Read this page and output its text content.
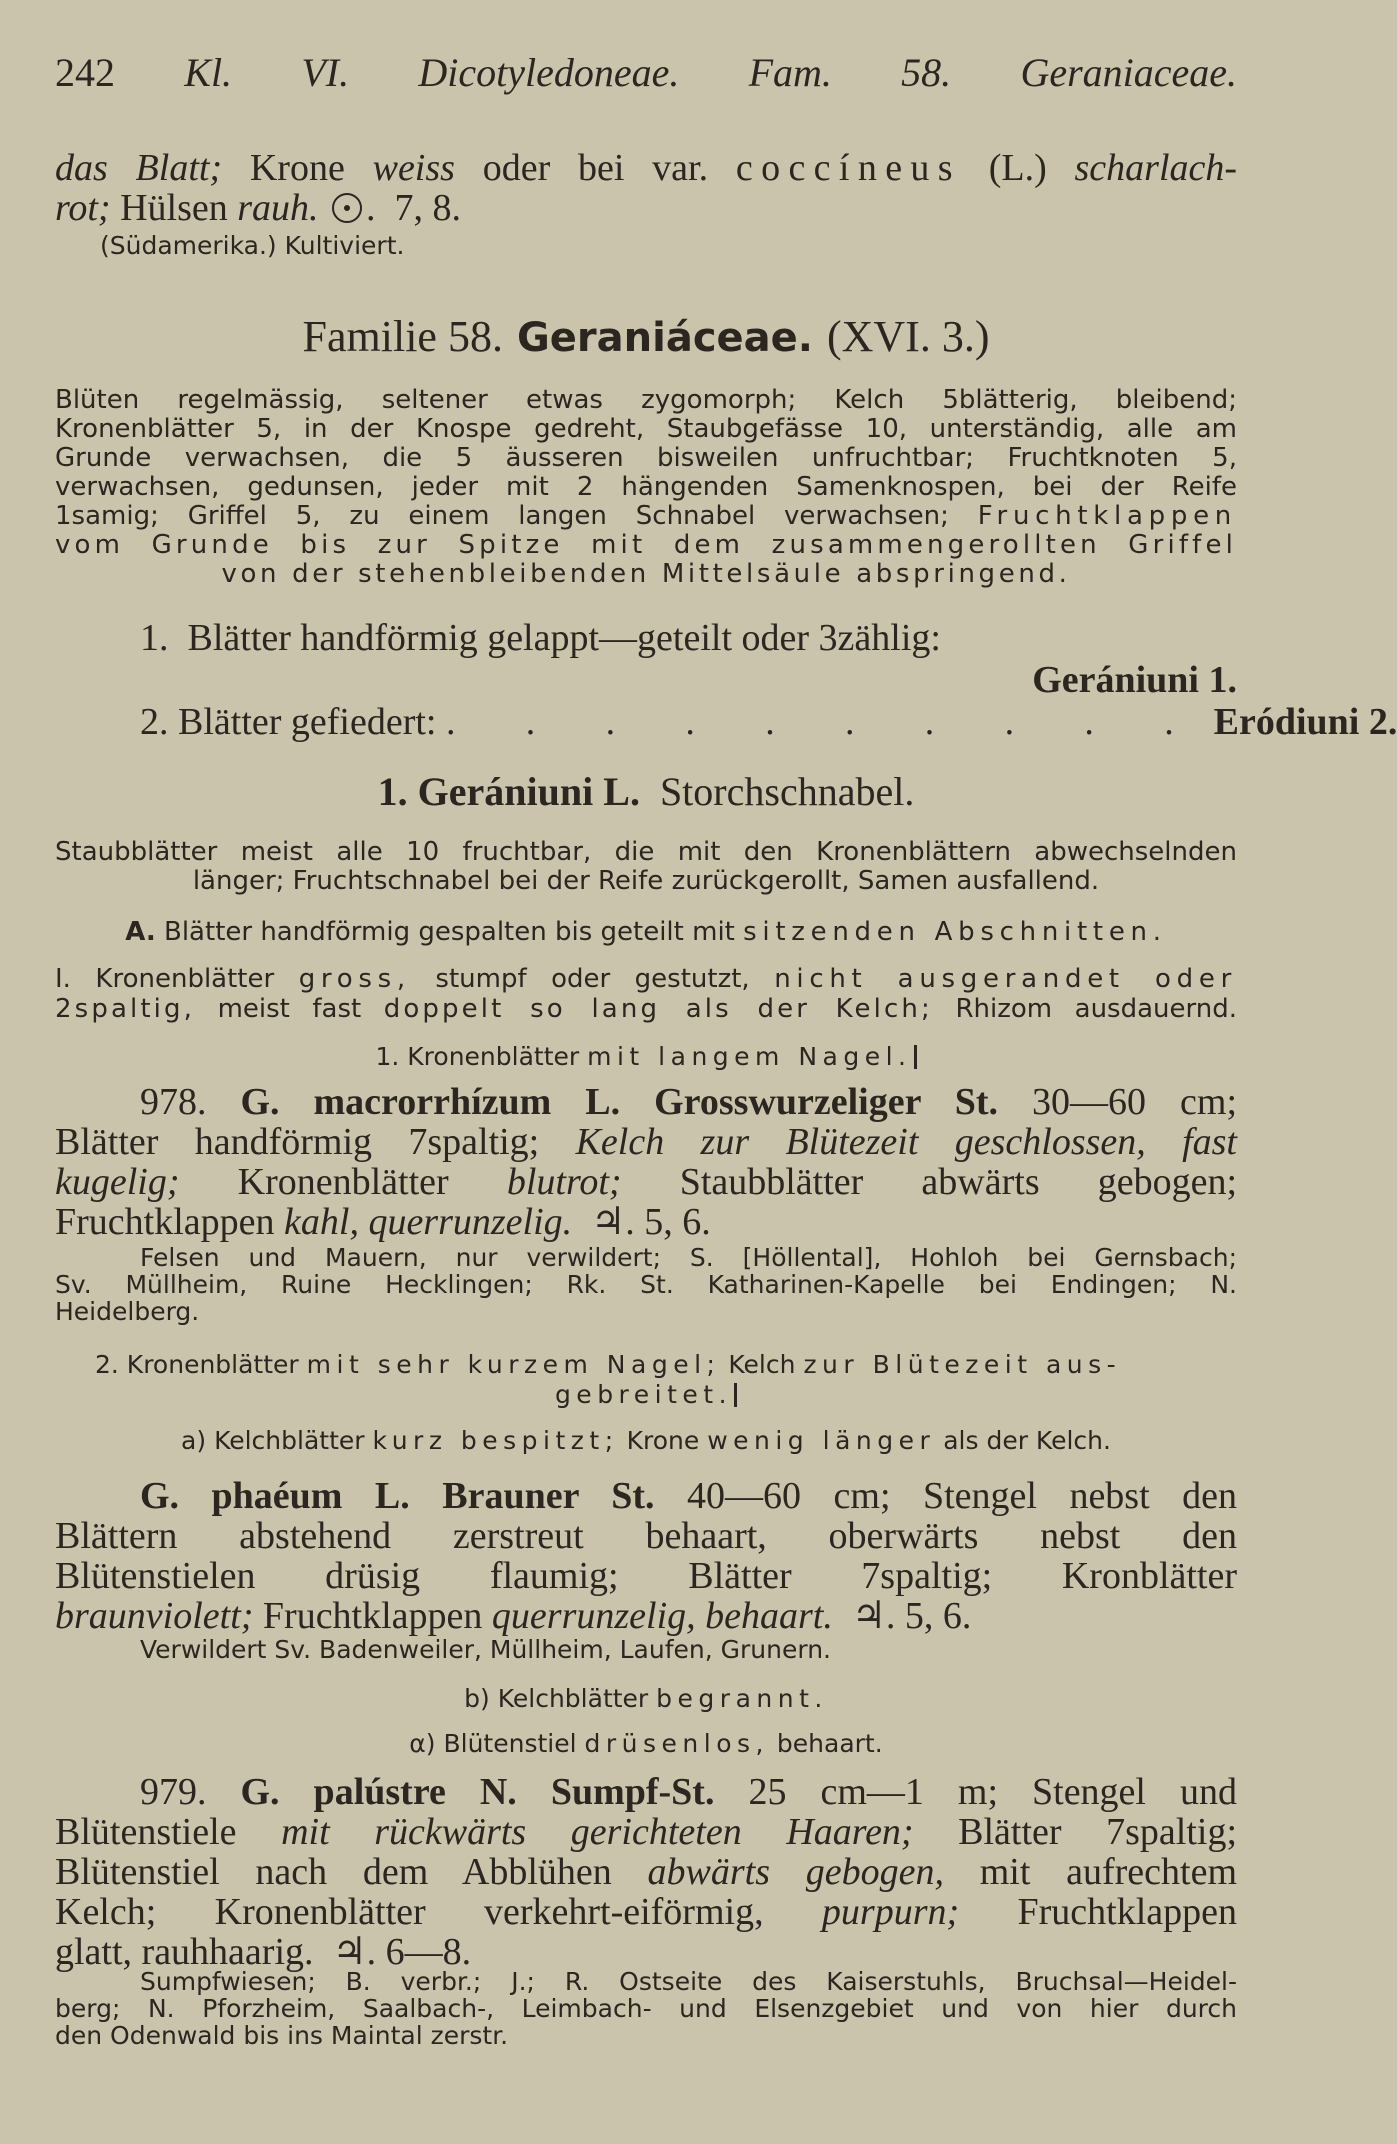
242 Kl. VI. Dicotyledoneae. Fam. 58. Geraniaceae.
das Blatt; Krone weiss oder bei var. coccíneus (L.) scharlach-
rot; Hülsen rauh. .  7, 8.
(Südamerika.) Kultiviert.
Familie 58. Geraniáceae. (XVI. 3.)
Blüten regelmässig, seltener etwas zygomorph; Kelch 5blätterig, bleibend;
Kronenblätter 5, in der Knospe gedreht, Staubgefässe 10, unterständig, alle am
Grunde verwachsen, die 5 äusseren bisweilen unfruchtbar; Fruchtknoten 5,
verwachsen, gedunsen, jeder mit 2 hängenden Samenknospen, bei der Reife
1samig; Griffel 5, zu einem langen Schnabel verwachsen; Fruchtklappen
vom Grunde bis zur Spitze mit dem zusammengerollten Griffel
von der stehenbleibenden Mittelsäule abspringend.
1. Blätter handförmig gelappt—geteilt oder 3zählig:
Gerániuni 1.
2. Blätter gefiedert: . . . . . . . . . . Eródiuni 2.
1. Gerániuni L. Storchschnabel.
Staubblätter meist alle 10 fruchtbar, die mit den Kronenblättern abwechselnden
länger; Fruchtschnabel bei der Reife zurückgerollt, Samen ausfallend.
A. Blätter handförmig gespalten bis geteilt mit sitzenden Abschnitten.
I. Kronenblätter gross, stumpf oder gestutzt, nicht ausgerandet oder
2spaltig, meist fast doppelt so lang als der Kelch; Rhizom ausdauernd.
1. Kronenblätter mit langem Nagel.
978. G. macrorrhízum L. Grosswurzeliger St. 30—60 cm;
Blätter handförmig 7spaltig; Kelch zur Blütezeit geschlossen, fast
kugelig; Kronenblätter blutrot; Staubblätter abwärts gebogen;
Fruchtklappen kahl, querrunzelig. ♃. 5, 6.
Felsen und Mauern, nur verwildert; S. [Höllental], Hohloh bei Gernsbach;
Sv. Müllheim, Ruine Hecklingen; Rk. St. Katharinen-Kapelle bei Endingen; N.
Heidelberg.
2. Kronenblätter mit sehr kurzem Nagel; Kelch zur Blütezeit aus-
gebreitet.
a) Kelchblätter kurz bespitzt; Krone wenig länger als der Kelch.
G. phaéum L. Brauner St. 40—60 cm; Stengel nebst den
Blättern abstehend zerstreut behaart, oberwärts nebst den
Blütenstielen drüsig flaumig; Blätter 7spaltig; Kronblätter
braunviolett; Fruchtklappen querrunzelig, behaart. ♃. 5, 6.
Verwildert Sv. Badenweiler, Müllheim, Laufen, Grunern.
b) Kelchblätter begrannt.
α) Blütenstiel drüsenlos, behaart.
979. G. palústre N. Sumpf-St. 25 cm—1 m; Stengel und
Blütenstiele mit rückwärts gerichteten Haaren; Blätter 7spaltig;
Blütenstiel nach dem Abblühen abwärts gebogen, mit aufrechtem
Kelch; Kronenblätter verkehrt-eiförmig, purpurn; Fruchtklappen
glatt, rauhhaarig. ♃. 6—8.
Sumpfwiesen; B. verbr.; J.; R. Ostseite des Kaiserstuhls, Bruchsal—Heidel-
berg; N. Pforzheim, Saalbach-, Leimbach- und Elsenzgebiet und von hier durch
den Odenwald bis ins Maintal zerstr.
